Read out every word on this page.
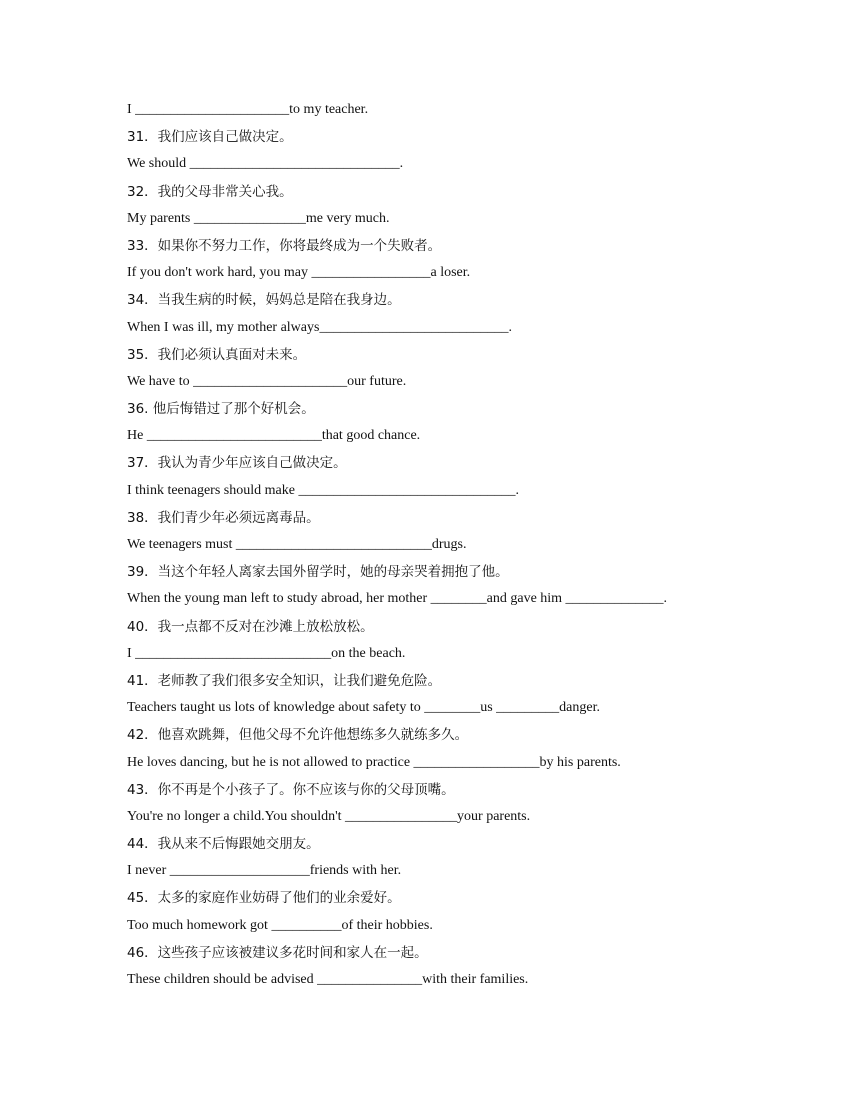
I ______________________to my teacher.
31．我们应该自己做决定。
We should ______________________________.
32．我的父母非常关心我。
My parents ________________me very much.
33．如果你不努力工作，你将最终成为一个失败者。
If you don't work hard, you may _________________a loser.
34．当我生病的时候，妈妈总是陪在我身边。
When I was ill, my mother always___________________________.
35．我们必须认真面对未来。
We have to ______________________our future.
36. 他后悔错过了那个好机会。
He _________________________that good chance.
37．我认为青少年应该自己做决定。
I think teenagers should make _______________________________.
38．我们青少年必须远离毒品。
We teenagers must ____________________________drugs.
39．当这个年轻人离家去国外留学时，她的母亲哭着拥抱了他。
When the young man left to study abroad, her mother ________and gave him ______________.
40．我一点都不反对在沙滩上放松放松。
I ____________________________on the beach.
41．老师教了我们很多安全知识，让我们避免危险。
Teachers taught us lots of knowledge about safety to ________us _________danger.
42．他喜欢跳舞，但他父母不允许他想练多久就练多久。
He loves dancing, but he is not allowed to practice __________________by his parents.
43．你不再是个小孩子了。你不应该与你的父母顶嘴。
You're no longer a child.You shouldn't ________________your parents.
44．我从来不后悔跟她交朋友。
I never ____________________friends with her.
45．太多的家庭作业妨碍了他们的业余爱好。
Too much homework got __________of their hobbies.
46．这些孩子应该被建议多花时间和家人在一起。
These children should be advised _______________with their families.
